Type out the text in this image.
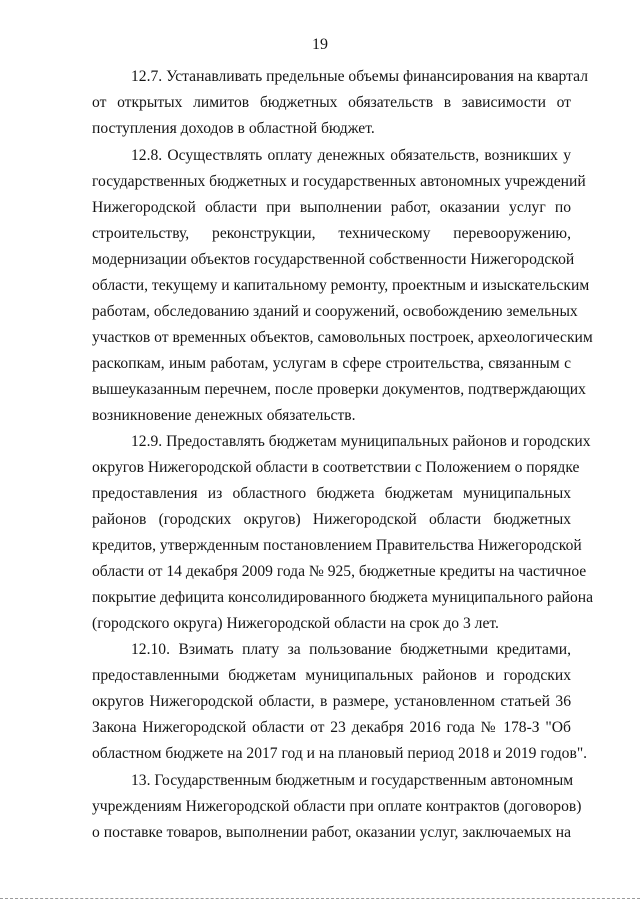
19
12.7. Устанавливать предельные объемы финансирования на квартал
от открытых лимитов бюджетных обязательств в зависимости от
поступления доходов в областной бюджет.
12.8. Осуществлять оплату денежных обязательств, возникших у
государственных бюджетных и государственных автономных учреждений
Нижегородской области при выполнении работ, оказании услуг по
строительству, реконструкции, техническому перевооружению,
модернизации объектов государственной собственности Нижегородской
области, текущему и капитальному ремонту, проектным и изыскательским
работам, обследованию зданий и сооружений, освобождению земельных
участков от временных объектов, самовольных построек, археологическим
раскопкам, иным работам, услугам в сфере строительства, связанным с
вышеуказанным перечнем, после проверки документов, подтверждающих
возникновение денежных обязательств.
12.9. Предоставлять бюджетам муниципальных районов и городских
округов Нижегородской области в соответствии с Положением о порядке
предоставления из областного бюджета бюджетам муниципальных
районов (городских округов) Нижегородской области бюджетных
кредитов, утвержденным постановлением Правительства Нижегородской
области от 14 декабря 2009 года № 925, бюджетные кредиты на частичное
покрытие дефицита консолидированного бюджета муниципального района
(городского округа) Нижегородской области на срок до 3 лет.
12.10. Взимать плату за пользование бюджетными кредитами,
предоставленными бюджетам муниципальных районов и городских
округов Нижегородской области, в размере, установленном статьей 36
Закона Нижегородской области от 23 декабря 2016 года № 178-З "Об
областном бюджете на 2017 год и на плановый период 2018 и 2019 годов".
13. Государственным бюджетным и государственным автономным
учреждениям Нижегородской области при оплате контрактов (договоров)
о поставке товаров, выполнении работ, оказании услуг, заключаемых на
